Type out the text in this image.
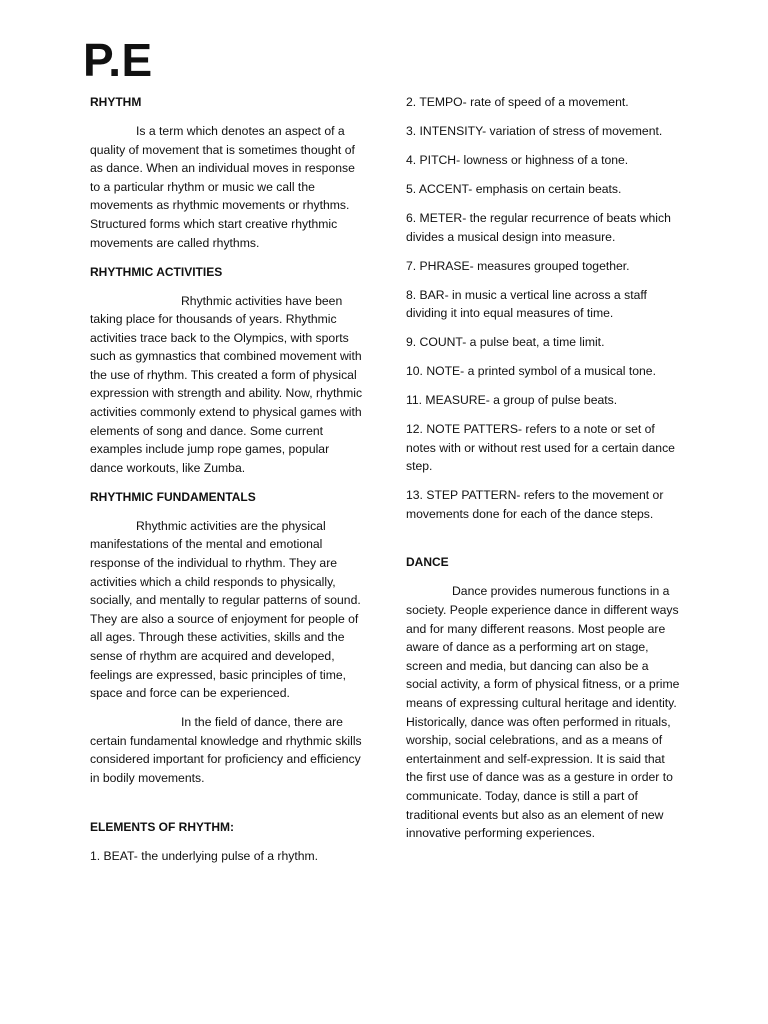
P.E
RHYTHM

Is a term which denotes an aspect of a quality of movement that is sometimes thought of as dance. When an individual moves in response to a particular rhythm or music we call the movements as rhythmic movements or rhythms. Structured forms which start creative rhythmic movements are called rhythms.

RHYTHMIC ACTIVITIES

Rhythmic activities have been taking place for thousands of years. Rhythmic activities trace back to the Olympics, with sports such as gymnastics that combined movement with the use of rhythm. This created a form of physical expression with strength and ability. Now, rhythmic activities commonly extend to physical games with elements of song and dance. Some current examples include jump rope games, popular dance workouts, like Zumba.

RHYTHMIC FUNDAMENTALS

Rhythmic activities are the physical manifestations of the mental and emotional response of the individual to rhythm. They are activities which a child responds to physically, socially, and mentally to regular patterns of sound. They are also a source of enjoyment for people of all ages. Through these activities, skills and the sense of rhythm are acquired and developed, feelings are expressed, basic principles of time, space and force can be experienced.

In the field of dance, there are certain fundamental knowledge and rhythmic skills considered important for proficiency and efficiency in bodily movements.

ELEMENTS OF RHYTHM:

1. BEAT- the underlying pulse of a rhythm.

2. TEMPO- rate of speed of a movement.

3. INTENSITY- variation of stress of movement.

4. PITCH- lowness or highness of a tone.

5. ACCENT- emphasis on certain beats.

6. METER- the regular recurrence of beats which divides a musical design into measure.

7. PHRASE- measures grouped together.

8. BAR- in music a vertical line across a staff dividing it into equal measures of time.

9. COUNT- a pulse beat, a time limit.

10. NOTE- a printed symbol of a musical tone.

11. MEASURE- a group of pulse beats.

12. NOTE PATTERS- refers to a note or set of notes with or without rest used for a certain dance step.

13. STEP PATTERN- refers to the movement or movements done for each of the dance steps.

DANCE

Dance provides numerous functions in a society. People experience dance in different ways and for many different reasons. Most people are aware of dance as a performing art on stage, screen and media, but dancing can also be a social activity, a form of physical fitness, or a prime means of expressing cultural heritage and identity. Historically, dance was often performed in rituals, worship, social celebrations, and as a means of entertainment and self-expression. It is said that the first use of dance was as a gesture in order to communicate. Today, dance is still a part of traditional events but also as an element of new innovative performing experiences.
